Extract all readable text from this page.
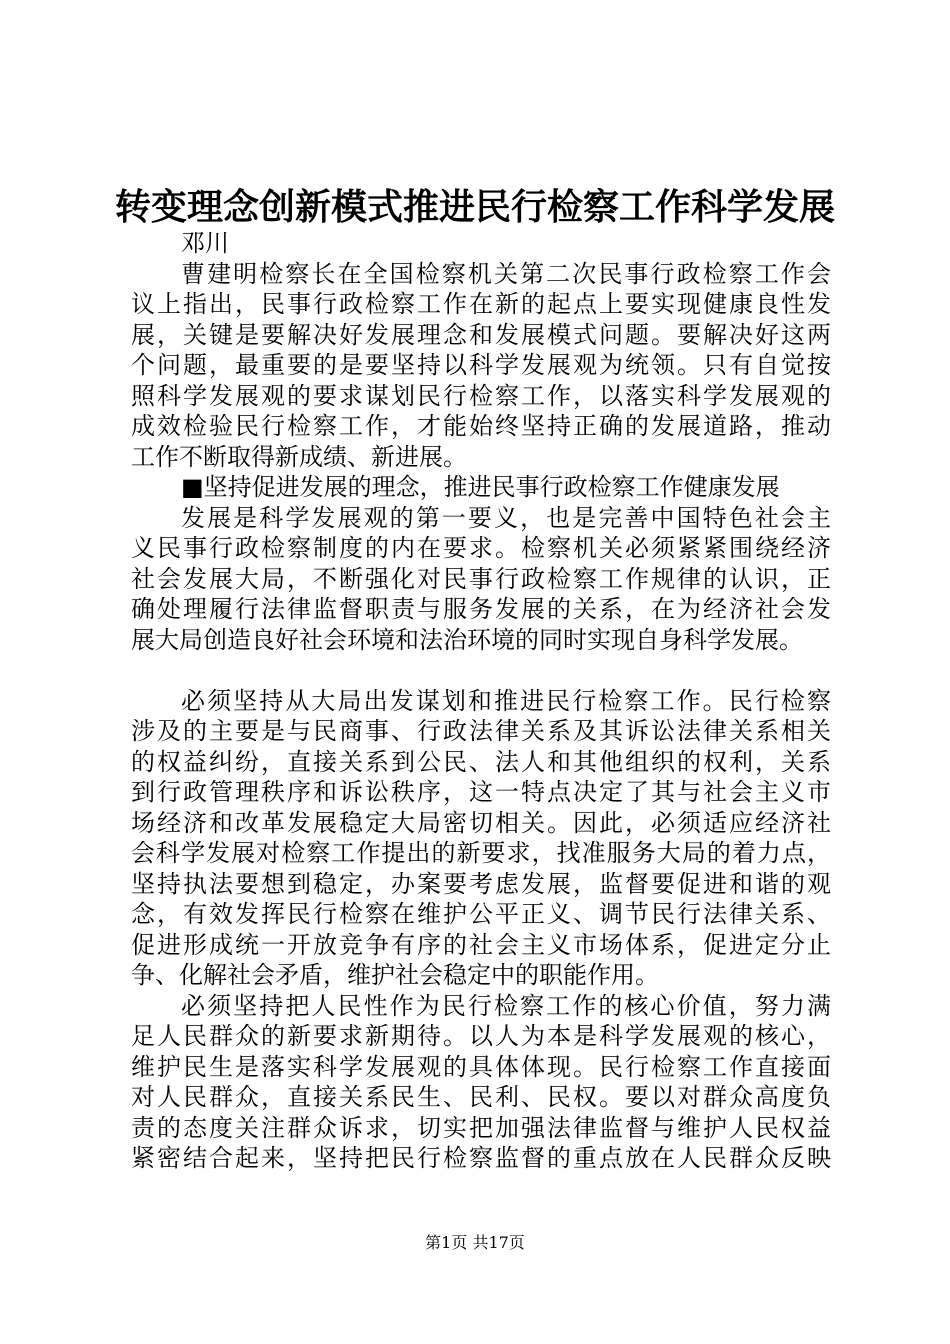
转变理念创新模式推进民行检察工作科学发展
邓川
曹建明检察长在全国检察机关第二次民事行政检察工作会
议上指出，民事行政检察工作在新的起点上要实现健康良性发
展，关键是要解决好发展理念和发展模式问题。要解决好这两
个问题，最重要的是要坚持以科学发展观为统领。只有自觉按
照科学发展观的要求谋划民行检察工作，以落实科学发展观的
成效检验民行检察工作，才能始终坚持正确的发展道路，推动
工作不断取得新成绩、新进展。
■坚持促进发展的理念，推进民事行政检察工作健康发展
发展是科学发展观的第一要义，也是完善中国特色社会主
义民事行政检察制度的内在要求。检察机关必须紧紧围绕经济
社会发展大局，不断强化对民事行政检察工作规律的认识，正
确处理履行法律监督职责与服务发展的关系，在为经济社会发
展大局创造良好社会环境和法治环境的同时实现自身科学发展。
必须坚持从大局出发谋划和推进民行检察工作。民行检察
涉及的主要是与民商事、行政法律关系及其诉讼法律关系相关
的权益纠纷，直接关系到公民、法人和其他组织的权利，关系
到行政管理秩序和诉讼秩序，这一特点决定了其与社会主义市
场经济和改革发展稳定大局密切相关。因此，必须适应经济社
会科学发展对检察工作提出的新要求，找准服务大局的着力点，
坚持执法要想到稳定，办案要考虑发展，监督要促进和谐的观
念，有效发挥民行检察在维护公平正义、调节民行法律关系、
促进形成统一开放竞争有序的社会主义市场体系，促进定分止
争、化解社会矛盾，维护社会稳定中的职能作用。
必须坚持把人民性作为民行检察工作的核心价值，努力满
足人民群众的新要求新期待。以人为本是科学发展观的核心，
维护民生是落实科学发展观的具体体现。民行检察工作直接面
对人民群众，直接关系民生、民利、民权。要以对群众高度负
责的态度关注群众诉求，切实把加强法律监督与维护人民权益
紧密结合起来，坚持把民行检察监督的重点放在人民群众反映
第1页 共17页
